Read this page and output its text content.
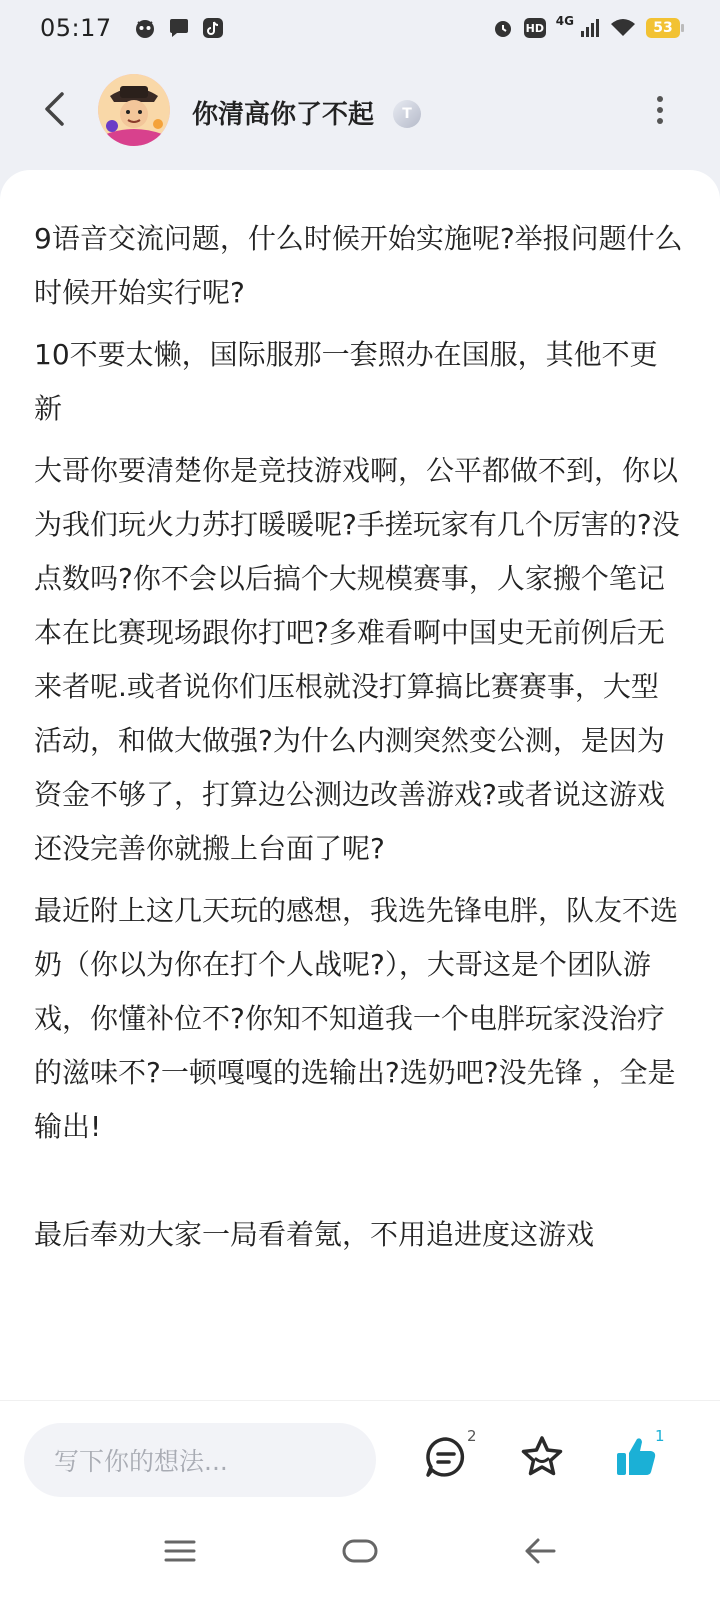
05:17	HD 4G	53
你清高你了不起	T

9语音交流问题，什么时候开始实施呢?举报问题什么时候开始实行呢?

10不要太懒，国际服那一套照办在国服，其他不更新

大哥你要清楚你是竞技游戏啊，公平都做不到，你以为我们玩火力苏打暖暖呢?手搓玩家有几个厉害的?没点数吗?你不会以后搞个大规模赛事，人家搬个笔记本在比赛现场跟你打吧?多难看啊中国史无前例后无来者呢.或者说你们压根就没打算搞比赛赛事，大型活动，和做大做强?为什么内测突然变公测，是因为资金不够了，打算边公测边改善游戏?或者说这游戏还没完善你就搬上台面了呢?

最近附上这几天玩的感想，我选先锋电胖，队友不选奶（你以为你在打个人战呢?），大哥这是个团队游戏，你懂补位不?你知不知道我一个电胖玩家没治疗的滋味不?一顿嘎嘎的选输出?选奶吧?没先锋 ，全是输出!

最后奉劝大家一局看着氪，不用追进度这游戏

写下你的想法...
2	1
